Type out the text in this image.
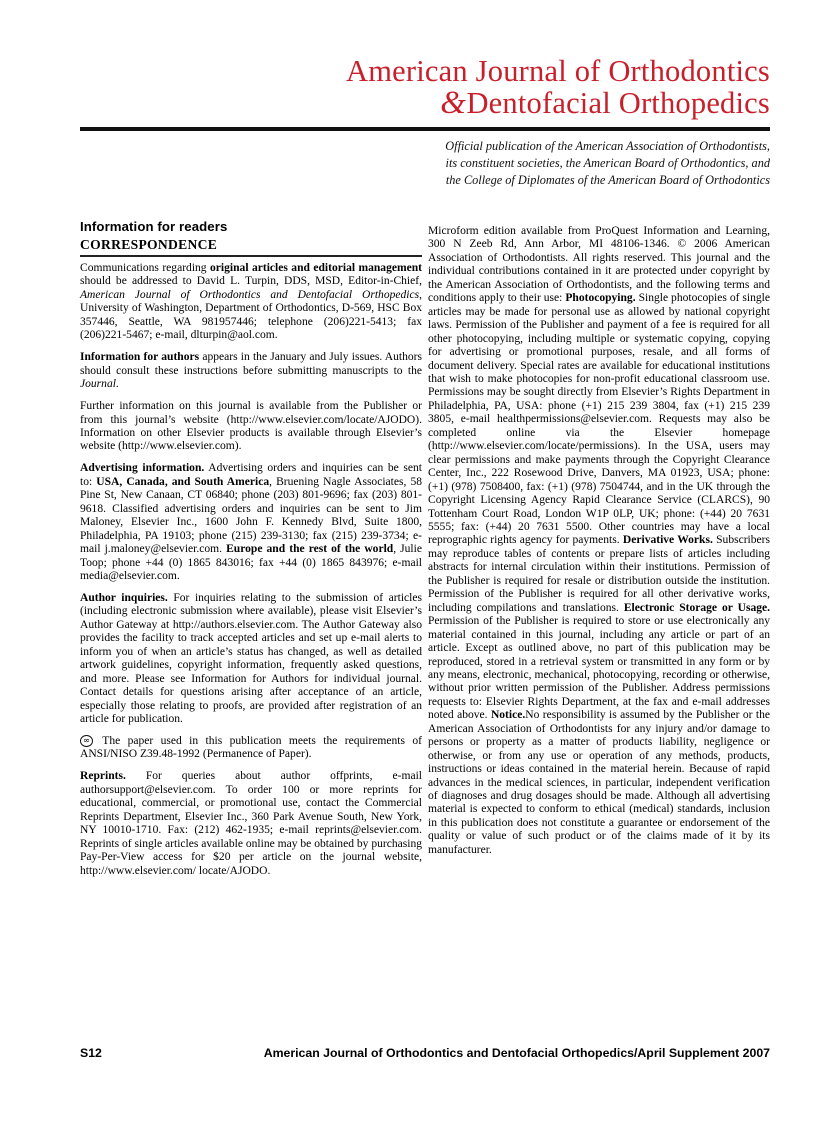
American Journal of Orthodontics
&Dentofacial Orthopedics
Official publication of the American Association of Orthodontists,
its constituent societies, the American Board of Orthodontics, and
the College of Diplomates of the American Board of Orthodontics
Information for readers
CORRESPONDENCE

Communications regarding original articles and editorial management should be addressed to David L. Turpin, DDS, MSD, Editor-in-Chief, American Journal of Orthodontics and Dentofacial Orthopedics, University of Washington, Department of Orthodontics, D-569, HSC Box 357446, Seattle, WA 981957446; telephone (206)221-5413; fax (206)221-5467; e-mail, dlturpin@aol.com.

Information for authors appears in the January and July issues. Authors should consult these instructions before submitting manuscripts to the Journal.

Further information on this journal is available from the Publisher or from this journal’s website (http://www.elsevier.com/locate/AJODO). Information on other Elsevier products is available through Elsevier’s website (http://www.elsevier.com).

Advertising information. Advertising orders and inquiries can be sent to: USA, Canada, and South America, Bruening Nagle Associates, 58 Pine St, New Canaan, CT 06840; phone (203) 801-9696; fax (203) 801-9618. Classified advertising orders and inquiries can be sent to Jim Maloney, Elsevier Inc., 1600 John F. Kennedy Blvd, Suite 1800, Philadelphia, PA 19103; phone (215) 239-3130; fax (215) 239-3734; e-mail j.maloney@elsevier.com. Europe and the rest of the world, Julie Toop; phone +44 (0) 1865 843016; fax +44 (0) 1865 843976; e-mail media@elsevier.com.

Author inquiries. For inquiries relating to the submission of articles (including electronic submission where available), please visit Elsevier’s Author Gateway at http://authors.elsevier.com. The Author Gateway also provides the facility to track accepted articles and set up e-mail alerts to inform you of when an article’s status has changed, as well as detailed artwork guidelines, copyright information, frequently asked questions, and more. Please see Information for Authors for individual journal. Contact details for questions arising after acceptance of an article, especially those relating to proofs, are provided after registration of an article for publication.

∞ The paper used in this publication meets the requirements of ANSI/NISO Z39.48-1992 (Permanence of Paper).

Reprints. For queries about author offprints, e-mail authorsupport@elsevier.com. To order 100 or more reprints for educational, commercial, or promotional use, contact the Commercial Reprints Department, Elsevier Inc., 360 Park Avenue South, New York, NY 10010-1710. Fax: (212) 462-1935; e-mail reprints@elsevier.com. Reprints of single articles available online may be obtained by purchasing Pay-Per-View access for $20 per article on the journal website, http://www.elsevier.com/ locate/AJODO.

Microform edition available from ProQuest Information and Learning, 300 N Zeeb Rd, Ann Arbor, MI 48106-1346. © 2006 American Association of Orthodontists. All rights reserved. This journal and the individual contributions contained in it are protected under copyright by the American Association of Orthodontists, and the following terms and conditions apply to their use: Photocopying. Single photocopies of single articles may be made for personal use as allowed by national copyright laws. Permission of the Publisher and payment of a fee is required for all other photocopying, including multiple or systematic copying, copying for advertising or promotional purposes, resale, and all forms of document delivery. Special rates are available for educational institutions that wish to make photocopies for non-profit educational classroom use. Permissions may be sought directly from Elsevier’s Rights Department in Philadelphia, PA, USA: phone (+1) 215 239 3804, fax (+1) 215 239 3805, e-mail healthpermissions@elsevier.com. Requests may also be completed online via the Elsevier homepage (http://www.elsevier.com/locate/permissions). In the USA, users may clear permissions and make payments through the Copyright Clearance Center, Inc., 222 Rosewood Drive, Danvers, MA 01923, USA; phone: (+1) (978) 7508400, fax: (+1) (978) 7504744, and in the UK through the Copyright Licensing Agency Rapid Clearance Service (CLARCS), 90 Tottenham Court Road, London W1P 0LP, UK; phone: (+44) 20 7631 5555; fax: (+44) 20 7631 5500. Other countries may have a local reprographic rights agency for payments. Derivative Works. Subscribers may reproduce tables of contents or prepare lists of articles including abstracts for internal circulation within their institutions. Permission of the Publisher is required for resale or distribution outside the institution. Permission of the Publisher is required for all other derivative works, including compilations and translations. Electronic Storage or Usage. Permission of the Publisher is required to store or use electronically any material contained in this journal, including any article or part of an article. Except as outlined above, no part of this publication may be reproduced, stored in a retrieval system or transmitted in any form or by any means, electronic, mechanical, photocopying, recording or otherwise, without prior written permission of the Publisher. Address permissions requests to: Elsevier Rights Department, at the fax and e-mail addresses noted above. Notice.No responsibility is assumed by the Publisher or the American Association of Orthodontists for any injury and/or damage to persons or property as a matter of products liability, negligence or otherwise, or from any use or operation of any methods, products, instructions or ideas contained in the material herein. Because of rapid advances in the medical sciences, in particular, independent verification of diagnoses and drug dosages should be made. Although all advertising material is expected to conform to ethical (medical) standards, inclusion in this publication does not constitute a guarantee or endorsement of the quality or value of such product or of the claims made of it by its manufacturer.

S12	American Journal of Orthodontics and Dentofacial Orthopedics/April Supplement 2007
